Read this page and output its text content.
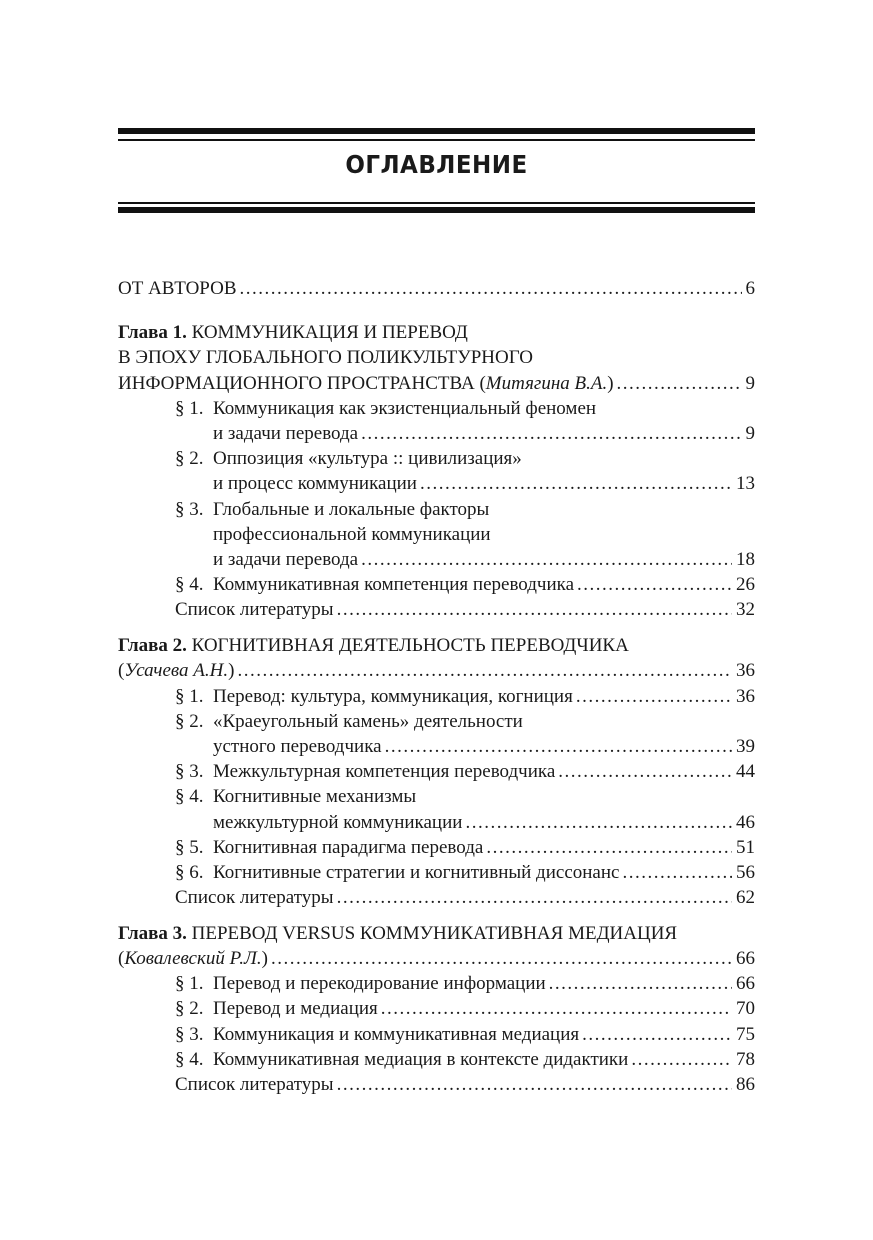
ОГЛАВЛЕНИЕ
ОТ АВТОРОВ .....	6
Глава 1. КОММУНИКАЦИЯ И ПЕРЕВОД
В ЭПОХУ ГЛОБАЛЬНОГО ПОЛИКУЛЬТУРНОГО
ИНФОРМАЦИОННОГО ПРОСТРАНСТВА (Митягина В.А.) .....	9
§ 1. Коммуникация как экзистенциальный феномен
и задачи перевода .....	9
§ 2. Оппозиция «культура :: цивилизация»
и процесс коммуникации .....	13
§ 3. Глобальные и локальные факторы
профессиональной коммуникации
и задачи перевода .....	18
§ 4. Коммуникативная компетенция переводчика .....	26
Список литературы .....	32
Глава 2. КОГНИТИВНАЯ ДЕЯТЕЛЬНОСТЬ ПЕРЕВОДЧИКА
(Усачева А.Н.) .....	36
§ 1. Перевод: культура, коммуникация, когниция .....	36
§ 2. «Краеугольный камень» деятельности
устного переводчика .....	39
§ 3. Межкультурная компетенция переводчика .....	44
§ 4. Когнитивные механизмы
межкультурной коммуникации .....	46
§ 5. Когнитивная парадигма перевода .....	51
§ 6. Когнитивные стратегии и когнитивный диссонанс .....	56
Список литературы .....	62
Глава 3. ПЕРЕВОД VERSUS КОММУНИКАТИВНАЯ МЕДИАЦИЯ
(Ковалевский Р.Л.) .....	66
§ 1. Перевод и перекодирование информации .....	66
§ 2. Перевод и медиация .....	70
§ 3. Коммуникация и коммуникативная медиация .....	75
§ 4. Коммуникативная медиация в контексте дидактики .....	78
Список литературы .....	86
